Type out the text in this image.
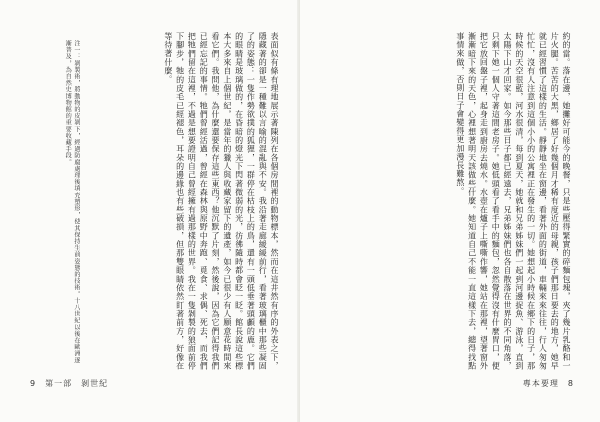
注一：剝製術，將動物的皮剝下，經過防腐處理後填充塑形，使其保持生前姿態的技術。十八世紀以後在歐洲逐漸普及，為自然史博物館的重要收藏手段。	表面似有條有理地展示著陳列在各個房間裡的動物標本，然而在這井然有序的外表之下，隱藏著的卻是一種難以言喻的混亂與不安。我沿著走廊緩緩前行，看著玻璃櫃中那些凝固了的姿態：一隻作勢欲撲的狐狸，一群停在枯枝上的鳥，還有一頭低垂著頭顱的鹿。它們的眼睛是玻璃做的，在昏暗的燈光下閃著微弱的光，彷彿隨時都會眨一眨。館長說這些標本大多來自上個世紀，是當年的獵人與收藏家留下的遺產，如今已很少有人願意花時間來看它們。我問他，為什麼還要保存這些東西？他沉默了片刻，然後說，因為它們記得我們已經忘記的事情。牠們曾經活過，曾經在森林與原野中奔跑、覓食、求偶、死去，而我們把牠們留在這裡，不過是想要證明自己曾經擁有過那樣的世界。我在一隻剝製的狼面前停下腳步，牠的皮毛已經褪色，耳朵的邊緣也有些破損，但那雙眼睛依然盯著前方，好像在等待著什麼。
9　第一部　剝世紀	專本要理　8
約的當。落在邊，她攤好可能今的晚餐，只是些壓得緊實的碎麵包塊，夾了幾片乳酪和一片火腿。苦苦的大黑，鄉居了好幾個月才稀有度近的母親，孩子們那日要去的地方，她早就已經習慣了這樣的生活。靜靜地坐在窗邊，看著外面的街道，車輛來來往往，行人匆匆忙忙，沒有人注意到這個小小的公寓裡正在發生的一切。她想起小時候在鄉下的日子，那時候的天空很藍，河水很清，每到夏天，她就和兄弟姊妹們一起到河邊捉魚、游泳，直到太陽下山才回家。如今那些日子都已經遠去，兄弟姊妹們也各自散落在世界的不同角落，只剩下她一個人守著這間老房子。她低頭看了看手中的麵包，忽然覺得沒有什麼胃口，便把它放回盤子裡，起身走到廚房去燒水。水壺在爐子上嘶嘶作響，她站在那裡，望著窗外漸漸暗下來的天色，心裡想著明天該做些什麼。她知道自己不能一直這樣下去，總得找點事情來做，否則日子會變得更加漫長難熬。
